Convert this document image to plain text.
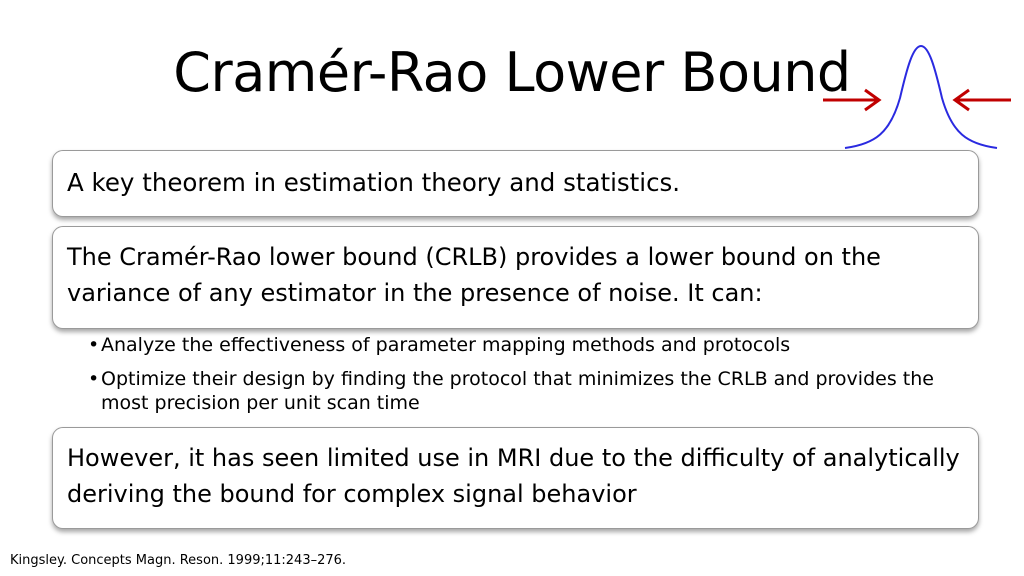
Cramér-Rao Lower Bound
A key theorem in estimation theory and statistics.
The Cramér-Rao lower bound (CRLB) provides a lower bound on the variance of any estimator in the presence of noise. It can:
• Analyze the effectiveness of parameter mapping methods and protocols
• Optimize their design by finding the protocol that minimizes the CRLB and provides the most precision per unit scan time
However, it has seen limited use in MRI due to the difficulty of analytically deriving the bound for complex signal behavior
Kingsley. Concepts Magn. Reson. 1999;11:243–276.
